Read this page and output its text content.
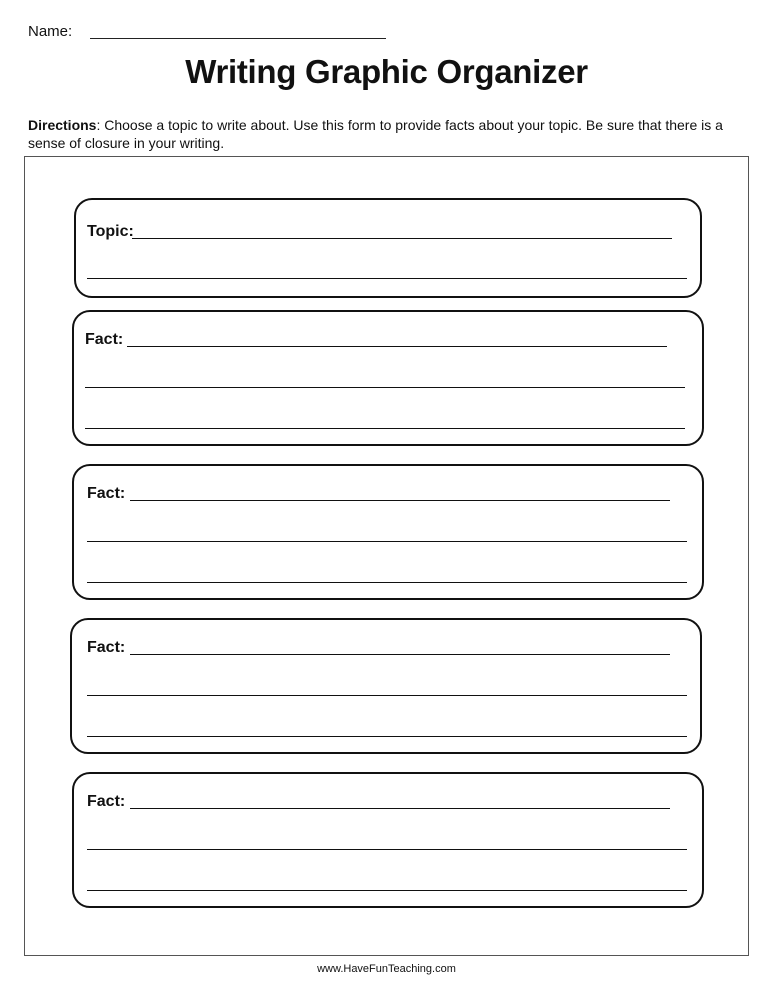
Name:
Writing Graphic Organizer
Directions: Choose a topic to write about. Use this form to provide facts about your topic. Be sure that there is a sense of closure in your writing.
Topic:
Fact:
Fact:
Fact:
Fact:
www.HaveFunTeaching.com
